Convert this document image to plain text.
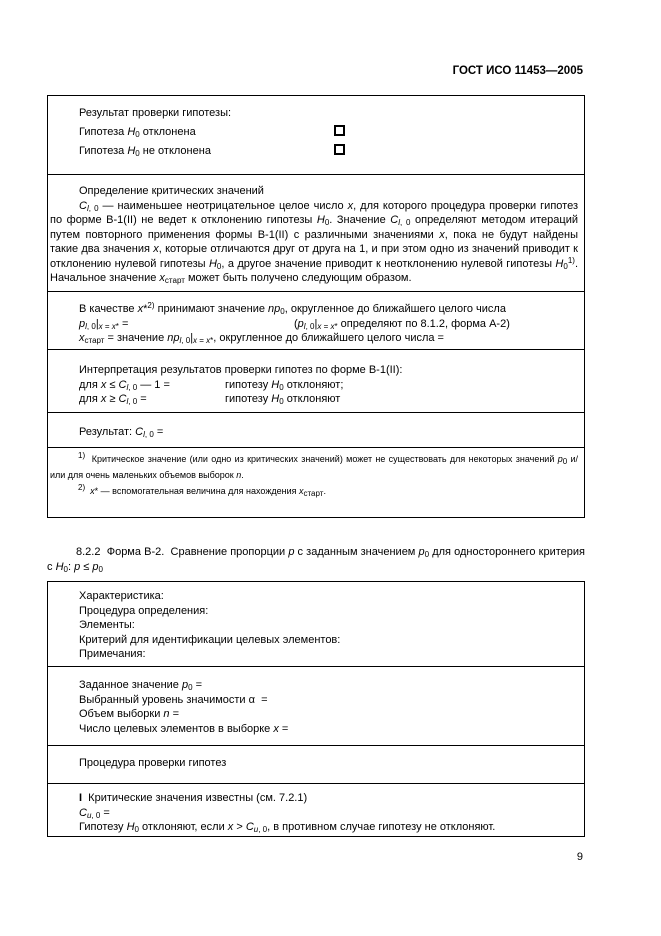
ГОСТ ИСО 11453—2005
Результат проверки гипотезы:
Гипотеза $H_0$ отклонена
Гипотеза $H_0$ не отклонена
Определение критических значений
$C_{l, 0}$ — наименьшее неотрицательное целое число x, для которого процедура проверки гипотез по форме В-1(II) не ведет к отклонению гипотезы $H_0$. Значение $C_{l, 0}$ определяют методом итераций путем повторного применения формы В-1(II) с различными значениями x, пока не будут найдены такие два значения x, которые отличаются друг от друга на 1, и при этом одно из значений приводит к отклонению нулевой гипотезы $H_0$, а другое значение приводит к неотклонению нулевой гипотезы $H_0^{1)}$. Начальное значение $x_{старт}$ может быть получено следующим образом.
В качестве x*$^{2)}$ принимают значение $np_0$, округленное до ближайшего целого числа
$p_{l, 0}|_{x = x*}$ =	($p_{l, 0}|_{x = x*}$ определяют по 8.1.2, форма А-2)
$x_{старт}$ = значение $np_{l, 0}|_{x = x*}$, округленное до ближайшего целого числа =
Интерпретация результатов проверки гипотез по форме В-1(II):
для $x \le C_{l, 0}$ — 1 =	гипотезу $H_0$ отклоняют;
для $x \ge C_{l, 0}$ =	гипотезу $H_0$ отклоняют
Результат: $C_{l, 0}$ =
$^{1)}$  Критическое значение (или одно из критических значений) может не существовать для некоторых значений $p_0$ и/или для очень маленьких объемов выборок n.
$^{2)}$ x* — вспомогательная величина для нахождения $x_{старт}$.
8.2.2  Форма В-2.  Сравнение пропорции p с заданным значением $p_0$ для одностороннего критерия с $H_0$: $p \le p_0$
Характеристика:
Процедура определения:
Элементы:
Критерий для идентификации целевых элементов:
Примечания:
Заданное значение $p_0$ =
Выбранный уровень значимости α  =
Объем выборки n =
Число целевых элементов в выборке x =
Процедура проверки гипотез
I  Критические значения известны (см. 7.2.1)
$C_{u, 0}$ =
Гипотезу $H_0$ отклоняют, если $x > C_{u, 0}$, в противном случае гипотезу не отклоняют.
9
